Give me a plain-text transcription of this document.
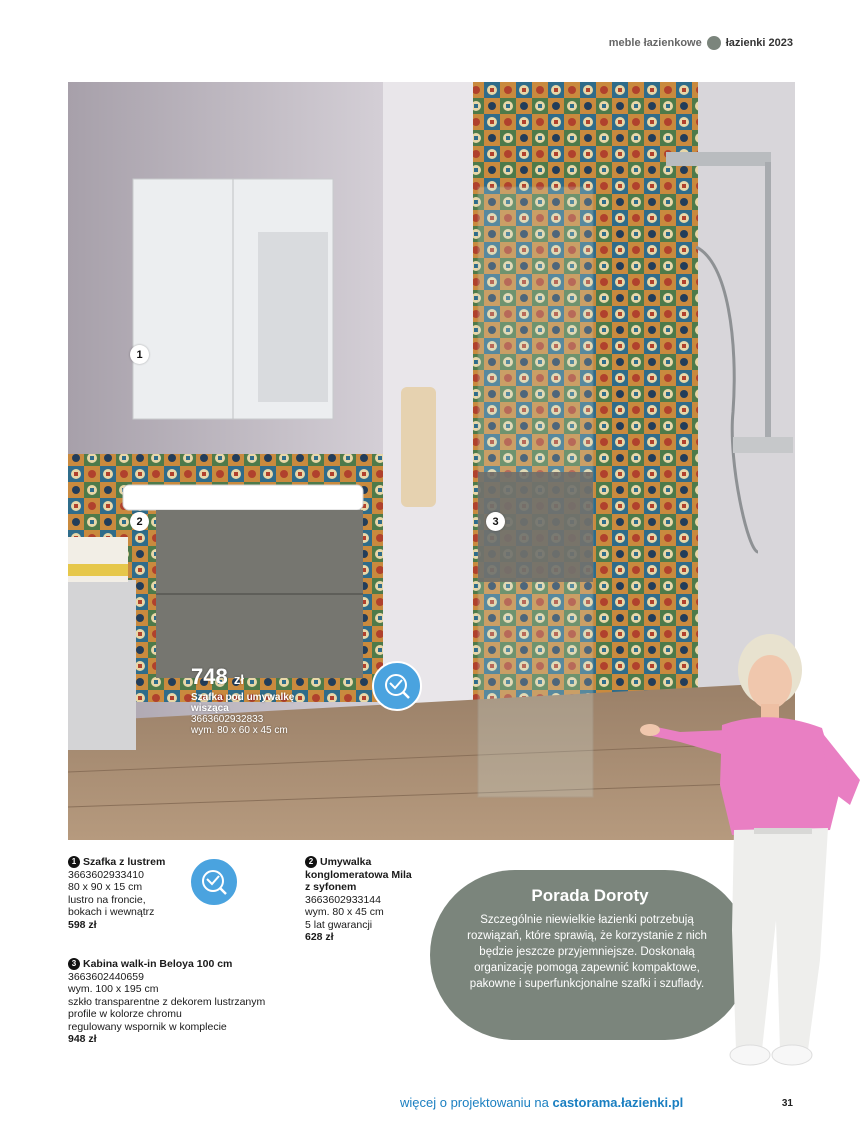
meble łazienkowe łazienki 2023
1
2	3
748 zł
Szafka pod umywalkę
wisząca
3663602932833
wym. 80 x 60 x 45 cm
1 Szafka z lustrem
3663602933410
80 x 90 x 15 cm
lustro na froncie,
bokach i wewnątrz
598 zł
2 Umywalka
konglomeratowa Mila
z syfonem
3663602933144
wym. 80 x 45 cm
5 lat gwarancji
628 zł
3 Kabina walk-in Beloya 100 cm
3663602440659
wym. 100 x 195 cm
szkło transparentne z dekorem lustrzanym
profile w kolorze chromu
regulowany wspornik w komplecie
948 zł
Porada Doroty

Szczególnie niewielkie łazienki potrzebują rozwiązań, które sprawią, że korzystanie z nich będzie jeszcze przyjemniejsze. Doskonałą organizację pomogą zapewnić kompaktowe, pakowne i superfunkcjonalne szafki i szuflady.

więcej o projektowaniu na castorama.łazienki.pl	31
